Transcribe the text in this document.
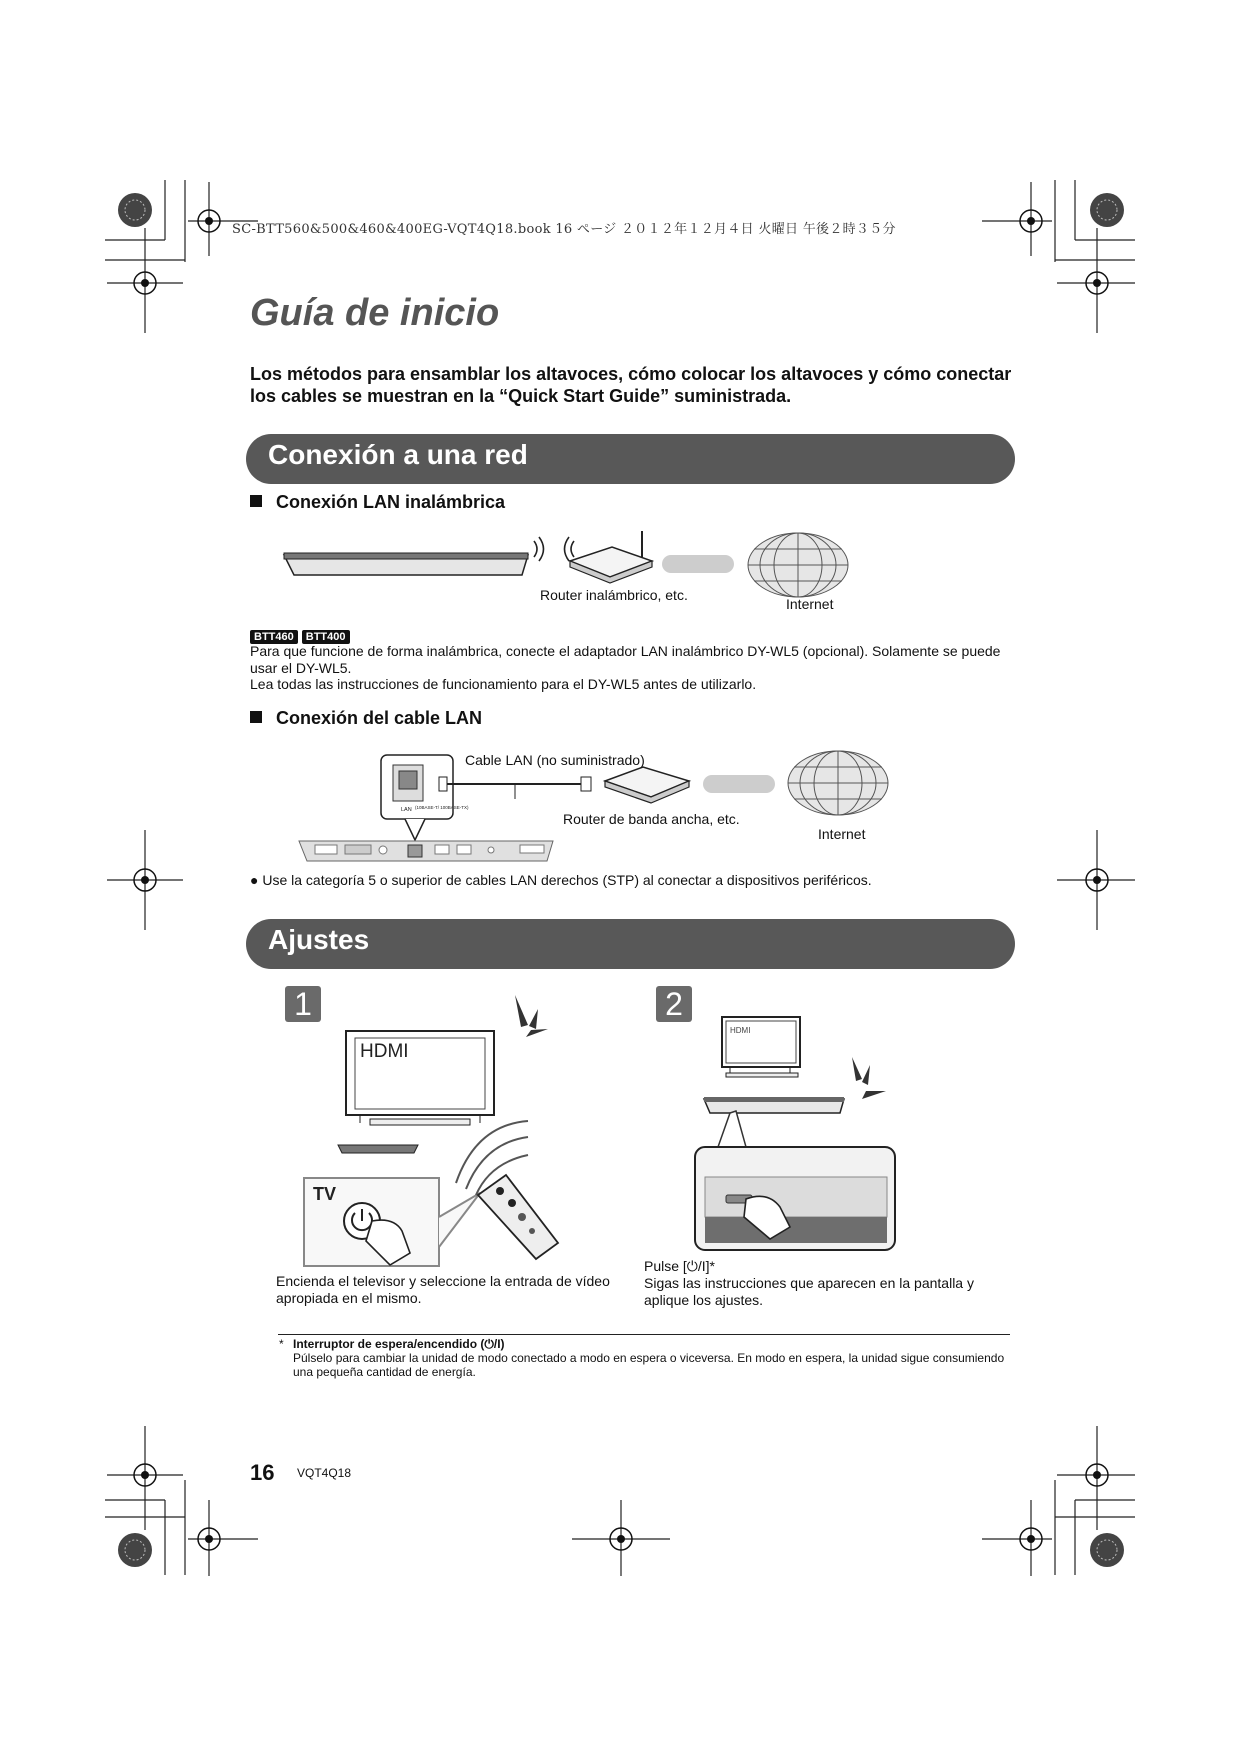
SC-BTT560&500&460&400EG-VQT4Q18.book 16 ページ ２０１２年１２月４日 火曜日 午後２時３５分
Guía de inicio
Los métodos para ensamblar los altavoces, cómo colocar los altavoces y cómo conectar los cables se muestran en la “Quick Start Guide” suministrada.
Conexión a una red
Conexión LAN inalámbrica
Router inalámbrico, etc.
Internet
BTT460 BTT400
Para que funcione de forma inalámbrica, conecte el adaptador LAN inalámbrico DY-WL5 (opcional). Solamente se puede usar el DY-WL5.
Lea todas las instrucciones de funcionamiento para el DY-WL5 antes de utilizarlo.
Conexión del cable LAN
LAN (10BASE-T/ 100BASE-TX)
Cable LAN (no suministrado)
Router de banda ancha, etc.
Internet
● Use la categoría 5 o superior de cables LAN derechos (STP) al conectar a dispositivos periféricos.
Ajustes
1
HDMI
TV
Encienda el televisor y seleccione la entrada de vídeo apropiada en el mismo.
2
HDMI
Pulse [⏻/I]*
Sigas las instrucciones que aparecen en la pantalla y aplique los ajustes.
* Interruptor de espera/encendido (⏻/I)
Púlselo para cambiar la unidad de modo conectado a modo en espera o viceversa. En modo en espera, la unidad sigue consumiendo una pequeña cantidad de energía.
16 VQT4Q18
